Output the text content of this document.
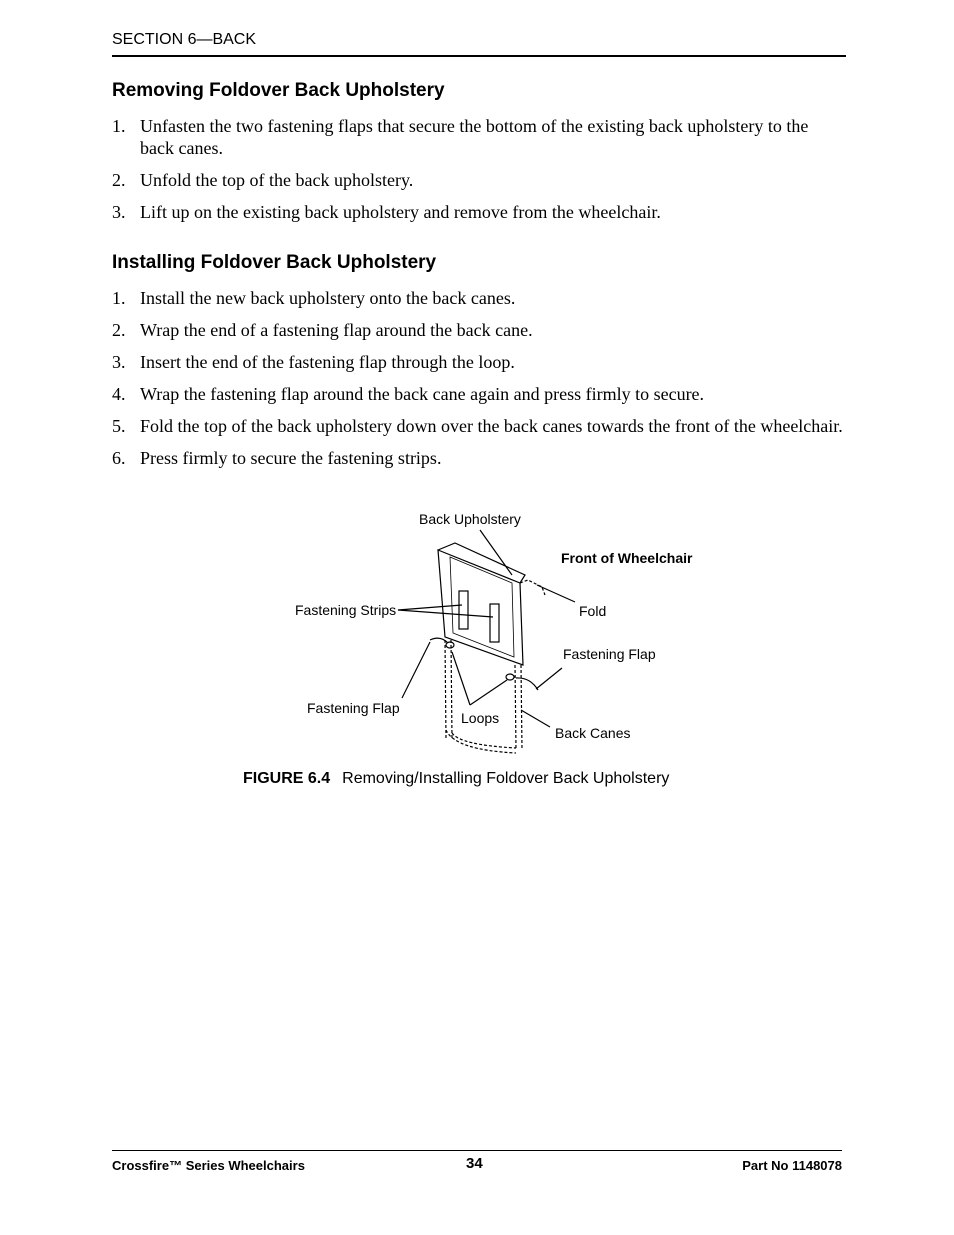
SECTION 6—BACK
Removing Foldover Back Upholstery
1. Unfasten the two fastening flaps that secure the bottom of the existing back upholstery to the back canes.
2. Unfold the top of the back upholstery.
3. Lift up on the existing back upholstery and remove from the wheelchair.
Installing Foldover Back Upholstery
1. Install the new back upholstery onto the back canes.
2. Wrap the end of a fastening flap around the back cane.
3. Insert the end of the fastening flap through the loop.
4. Wrap the fastening flap around the back cane again and press firmly to secure.
5. Fold the top of the back upholstery down over the back canes towards the front of the wheelchair.
6. Press firmly to secure the fastening strips.
Back Upholstery
Front of Wheelchair
Fastening Strips	Fold
Fastening Flap
Fastening Flap
Loops
Back Canes
FIGURE 6.4 Removing/Installing Foldover Back Upholstery
Crossfire™ Series Wheelchairs	34	Part No 1148078
